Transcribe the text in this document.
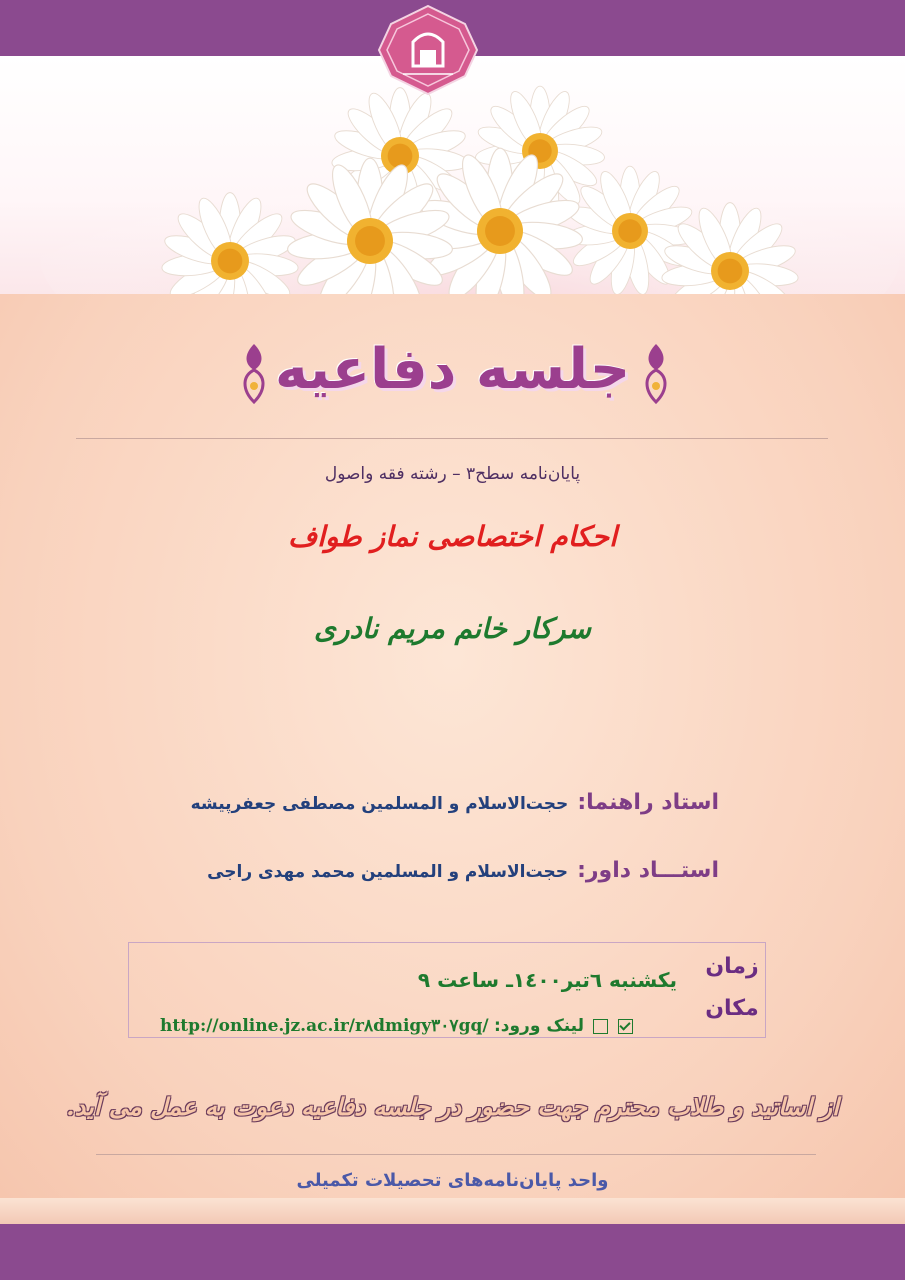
جلسه دفاعیه
پایان‌نامه سطح۳ – رشته فقه واصول
احکام اختصاصی نماز طواف
سرکار خانم مریم نادری
استاد راهنما: حجت‌الاسلام و المسلمین مصطفی جعفرپیشه
استـــاد داور: حجت‌الاسلام و المسلمین محمد مهدی راجی
زمان
مکان
یکشنبه ٦تیر۱٤۰۰ـ ساعت ۹
http://online.jz.ac.ir/r۸dmigy۳۰۷gq/ لینک ورود:
از اساتید و طلاب محترم جهت حضور در جلسه دفاعیه دعوت به عمل می آید.
واحد پایان‌نامه‌های تحصیلات تکمیلی
